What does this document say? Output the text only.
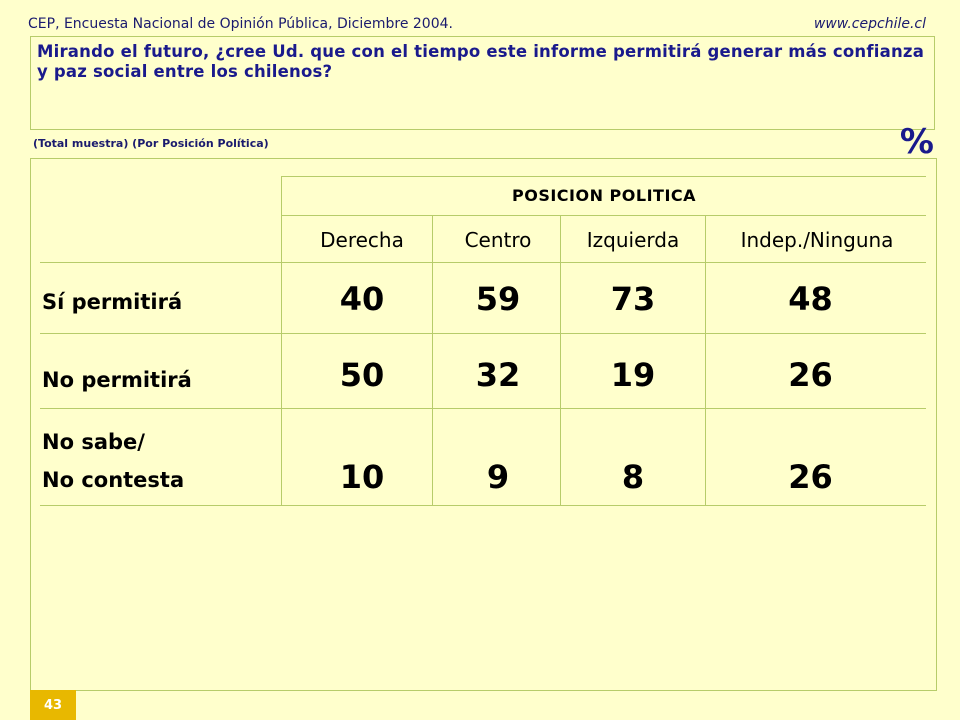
CEP, Encuesta Nacional de Opinión Pública, Diciembre 2004.	www.cepchile.cl
Mirando el futuro, ¿cree Ud. que con el tiempo este informe permitirá generar más confianza y paz social entre los chilenos?
(Total muestra) (Por Posición Política)	%
POSICION POLITICA
Derecha	Centro	Izquierda	Indep./Ninguna
Sí permitirá	40	59	73	48
No permitirá	50	32	19	26
No sabe/
No contesta	10	9	8	26
43
